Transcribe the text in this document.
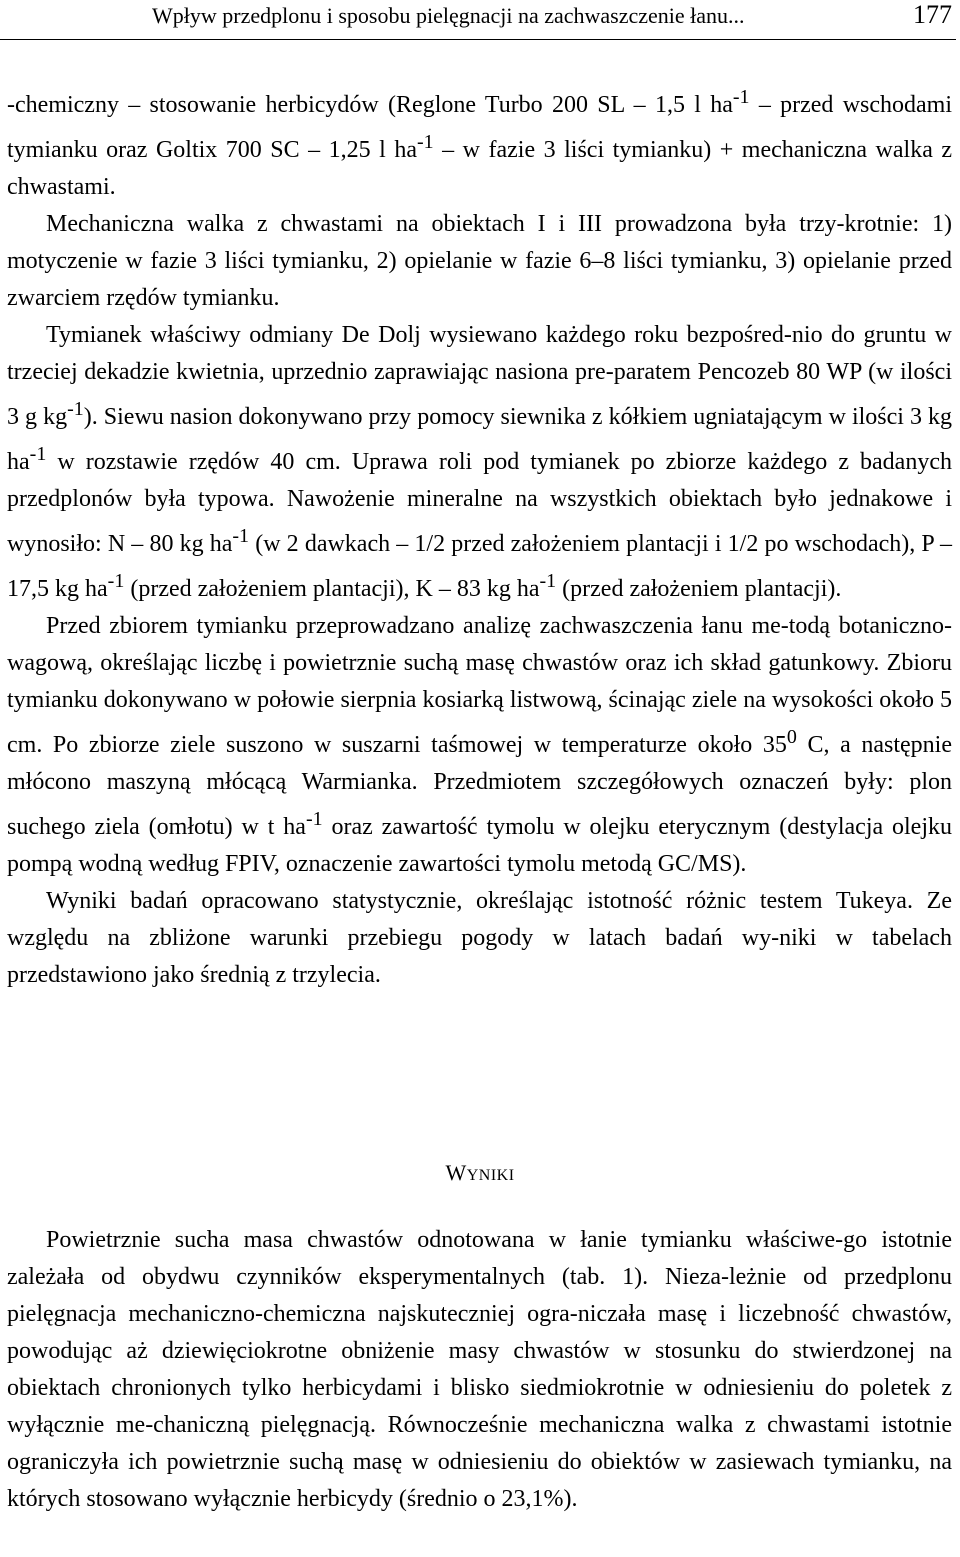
Wpływ przedplonu i sposobu pielęgnacji na zachwaszczenie łanu...	177

-chemiczny – stosowanie herbicydów (Reglone Turbo 200 SL – 1,5 l $ha^{-1}$ – przed wschodami tymianku oraz Goltix 700 SC – 1,25 l $ha^{-1}$ – w fazie 3 liści tymianku) + mechaniczna walka z chwastami.

Mechaniczna walka z chwastami na obiektach I i III prowadzona była trzy-krotnie: 1) motyczenie w fazie 3 liści tymianku, 2) opielanie w fazie 6–8 liści tymianku, 3) opielanie przed zwarciem rzędów tymianku.

Tymianek właściwy odmiany De Dolj wysiewano każdego roku bezpośred-nio do gruntu w trzeciej dekadzie kwietnia, uprzednio zaprawiając nasiona pre-paratem Pencozeb 80 WP (w ilości 3 g $kg^{-1}$). Siewu nasion dokonywano przy pomocy siewnika z kółkiem ugniatającym w ilości 3 kg $ha^{-1}$ w rozstawie rzędów 40 cm. Uprawa roli pod tymianek po zbiorze każdego z badanych przedplonów była typowa. Nawożenie mineralne na wszystkich obiektach było jednakowe i wynosiło: N – 80 kg $ha^{-1}$ (w 2 dawkach – 1/2 przed założeniem plantacji i 1/2 po wschodach), P – 17,5 kg $ha^{-1}$ (przed założeniem plantacji), K – 83 kg $ha^{-1}$ (przed założeniem plantacji).

Przed zbiorem tymianku przeprowadzano analizę zachwaszczenia łanu me-todą botaniczno-wagową, określając liczbę i powietrznie suchą masę chwastów oraz ich skład gatunkowy. Zbioru tymianku dokonywano w połowie sierpnia kosiarką listwową, ścinając ziele na wysokości około 5 cm. Po zbiorze ziele suszono w suszarni taśmowej w temperaturze około $35^0$ C, a następnie młócono maszyną młócącą Warmianka. Przedmiotem szczegółowych oznaczeń były: plon suchego ziela (omłotu) w t $ha^{-1}$ oraz zawartość tymolu w olejku eterycznym (destylacja olejku pompą wodną według FPIV, oznaczenie zawartości tymolu metodą GC/MS).

Wyniki badań opracowano statystycznie, określając istotność różnic testem Tukeya. Ze względu na zbliżone warunki przebiegu pogody w latach badań wy-niki w tabelach przedstawiono jako średnią z trzylecia.

WYNIKI

Powietrznie sucha masa chwastów odnotowana w łanie tymianku właściwe-go istotnie zależała od obydwu czynników eksperymentalnych (tab. 1). Nieza-leżnie od przedplonu pielęgnacja mechaniczno-chemiczna najskuteczniej ogra-niczała masę i liczebność chwastów, powodując aż dziewięciokrotne obniżenie masy chwastów w stosunku do stwierdzonej na obiektach chronionych tylko herbicydami i blisko siedmiokrotnie w odniesieniu do poletek z wyłącznie me-chaniczną pielęgnacją. Równocześnie mechaniczna walka z chwastami istotnie ograniczyła ich powietrznie suchą masę w odniesieniu do obiektów w zasiewach tymianku, na których stosowano wyłącznie herbicydy (średnio o 23,1%).
